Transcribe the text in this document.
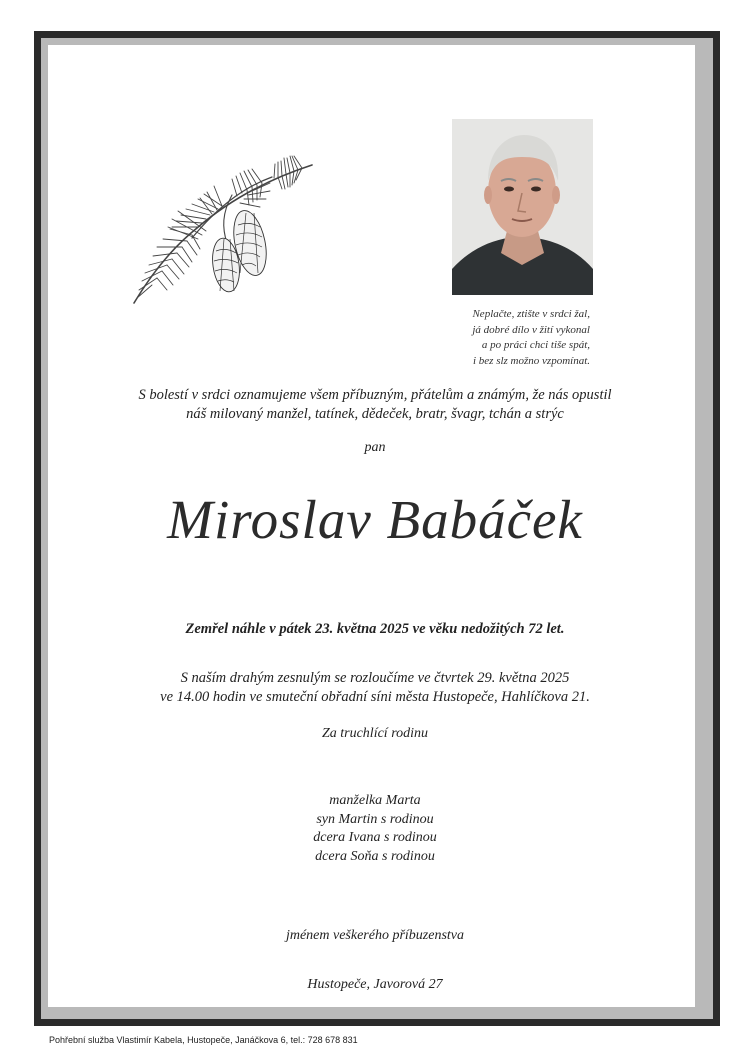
Neplačte, ztište v srdci žal,
já dobré dílo v žití vykonal
a po práci chci tiše spát,
i bez slz možno vzpomínat.
S bolestí v srdci oznamujeme všem příbuzným, přátelům a známým, že nás opustil
náš milovaný manžel, tatínek, dědeček, bratr, švagr, tchán a strýc
pan
Miroslav Babáček
Zemřel náhle v pátek 23. května 2025 ve věku nedožitých 72 let.
S naším drahým zesnulým se rozloučíme ve čtvrtek 29. května 2025
ve 14.00 hodin ve smuteční obřadní síni města Hustopeče, Hahlíčkova 21.
Za truchlící rodinu
manželka Marta
syn Martin s rodinou
dcera Ivana s rodinou
dcera Soňa s rodinou
jménem veškerého příbuzenstva
Hustopeče, Javorová 27
Pohřební služba Vlastimír Kabela, Hustopeče, Janáčkova 6, tel.: 728 678 831
